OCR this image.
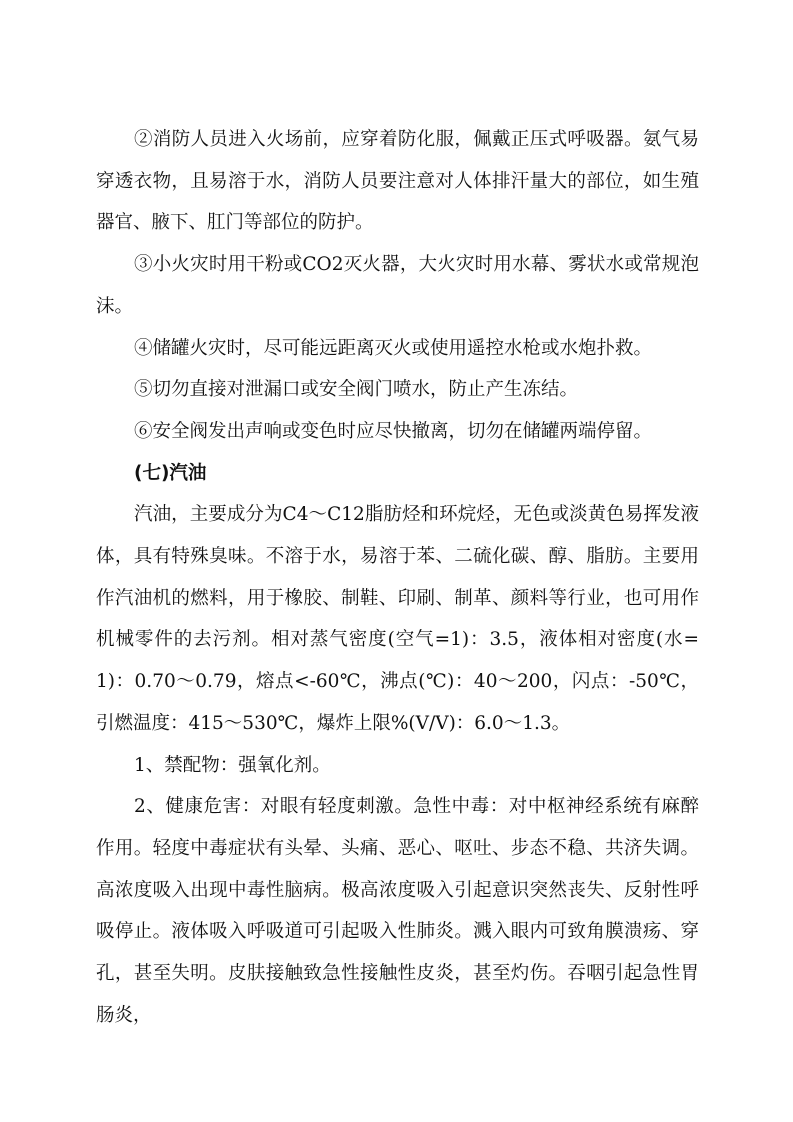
②消防人员进入火场前，应穿着防化服，佩戴正压式呼吸器。氨气易穿透衣物，且易溶于水，消防人员要注意对人体排汗量大的部位，如生殖器官、腋下、肛门等部位的防护。

③小火灾时用干粉或CO2灭火器，大火灾时用水幕、雾状水或常规泡沫。

④储罐火灾时，尽可能远距离灭火或使用遥控水枪或水炮扑救。

⑤切勿直接对泄漏口或安全阀门喷水，防止产生冻结。

⑥安全阀发出声响或变色时应尽快撤离，切勿在储罐两端停留。

(七)汽油

汽油，主要成分为C4～C12脂肪烃和环烷烃，无色或淡黄色易挥发液体，具有特殊臭味。不溶于水，易溶于苯、二硫化碳、醇、脂肪。主要用作汽油机的燃料，用于橡胶、制鞋、印刷、制革、颜料等行业，也可用作机械零件的去污剂。相对蒸气密度(空气=1)：3.5，液体相对密度(水=1)：0.70～0.79，熔点<-60℃，沸点(℃)：40～200，闪点：-50℃，引燃温度：415～530℃，爆炸上限%(V/V)：6.0～1.3。

1、禁配物：强氧化剂。

2、健康危害：对眼有轻度刺激。急性中毒：对中枢神经系统有麻醉作用。轻度中毒症状有头晕、头痛、恶心、呕吐、步态不稳、共济失调。高浓度吸入出现中毒性脑病。极高浓度吸入引起意识突然丧失、反射性呼吸停止。液体吸入呼吸道可引起吸入性肺炎。溅入眼内可致角膜溃疡、穿孔，甚至失明。皮肤接触致急性接触性皮炎，甚至灼伤。吞咽引起急性胃肠炎，
